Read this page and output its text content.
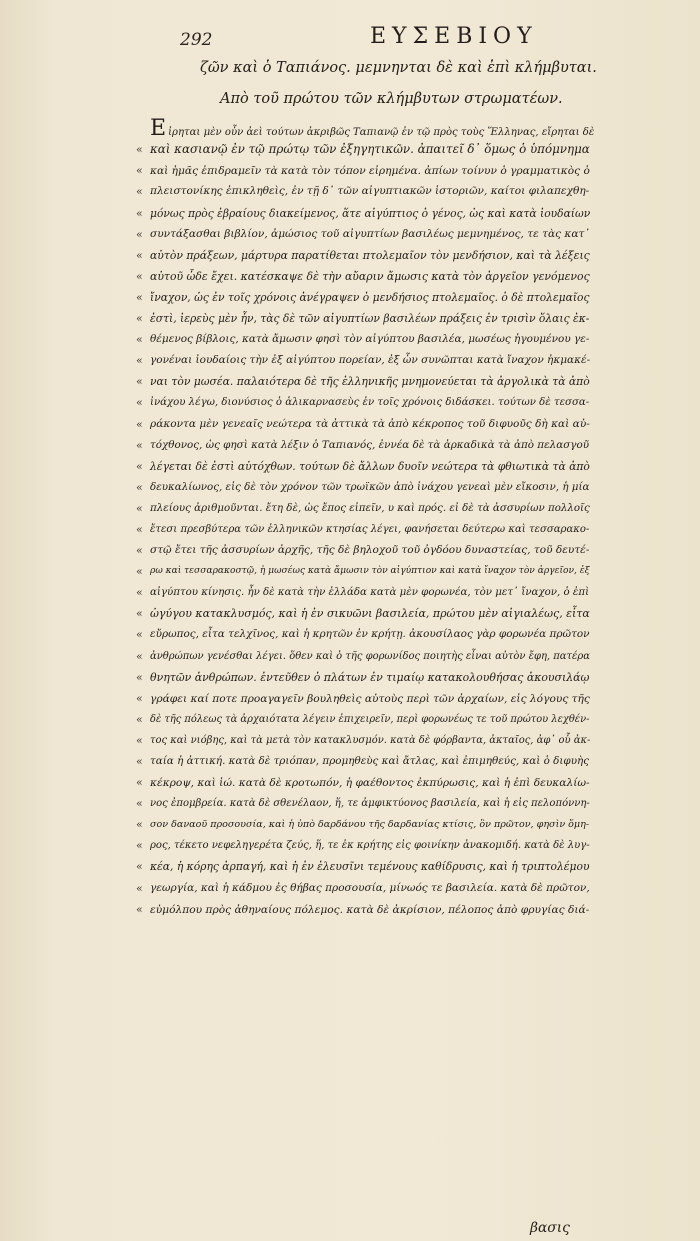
292	ΕΥΣΕΒΙΟΥ
ζῶν καὶ ὁ Ταπιάνος. μεμνηνται δὲ καὶ ἐπὶ κλήμβυται.
Απὸ τοῦ πρώτου τῶν κλήμβυτων στρωματέων.
Εἰρηται μὲν οὖν ἀεὶ τούτων ἀκριβῶς Ταπιανῷ ἐν τῷ πρὸς τοὺς Ἕλληνας, εἴρηται δὲ
« καὶ κασιανῷ ἐν τῷ πρώτῳ τῶν ἐξηγητικῶν. ἀπαιτεῖ δ᾽ ὅμως ὁ ὑπόμνημα
« καὶ ἡμᾶς ἐπιδραμεῖν τὰ κατὰ τὸν τόπον εἰρημένα. ἀπίων τοίνυν ὁ γραμματικὸς ὁ
« πλειστονίκης ἐπικληθεὶς, ἐν τῇ δ᾽ τῶν αἰγυπτιακῶν ἱστοριῶν, καίτοι φιλαπεχθη-
« μόνως πρὸς ἑβραίους διακείμενος, ἅτε αἰγύπτιος ὁ γένος, ὡς καὶ κατὰ ἰουδαίων
« συντάξασθαι βιβλίον, ἀμώσιος τοῦ αἰγυπτίων βασιλέως μεμνημένος, τε τὰς κατ᾽
« αὐτὸν πράξεων, μάρτυρα παρατίθεται πτολεμαῖον τὸν μενδήσιον, καὶ τὰ λέξεις
« αὐτοῦ ὧδε ἔχει. κατέσκαψε δὲ τὴν αὔαριν ἄμωσις κατὰ τὸν ἀργεῖον γενόμενος
« ἴναχον, ὡς ἐν τοῖς χρόνοις ἀνέγραψεν ὁ μενδήσιος πτολεμαῖος. ὁ δὲ πτολεμαῖος
« ἐστὶ, ἱερεὺς μὲν ἦν, τὰς δὲ τῶν αἰγυπτίων βασιλέων πράξεις ἐν τρισὶν ὅλαις ἐκ-
« θέμενος βίβλοις, κατὰ ἄμωσιν φησὶ τὸν αἰγύπτου βασιλέα, μωσέως ἡγουμένου γε-
« γονέναι ἰουδαίοις τὴν ἐξ αἰγύπτου πορείαν, ἐξ ὧν συνῶπται κατὰ ἴναχον ἠκμακέ-
« ναι τὸν μωσέα. παλαιότερα δὲ τῆς ἑλληνικῆς μνημονεύεται τὰ ἀργολικὰ τὰ ἀπὸ
« ἰνάχου λέγω, διονύσιος ὁ ἁλικαρνασεὺς ἐν τοῖς χρόνοις διδάσκει. τούτων δὲ τεσσα-
« ράκοντα μὲν γενεαῖς νεώτερα τὰ ἀττικὰ τὰ ἀπὸ κέκροπος τοῦ διφυοῦς δὴ καὶ αὐ-
« τόχθονος, ὡς φησὶ κατὰ λέξιν ὁ Ταπιανός, ἐννέα δὲ τὰ ἀρκαδικὰ τὰ ἀπὸ πελασγοῦ
« λέγεται δὲ ἐστὶ αὐτόχθων. τούτων δὲ ἄλλων δυοῖν νεώτερα τὰ φθιωτικὰ τὰ ἀπὸ
« δευκαλίωνος, εἰς δὲ τὸν χρόνον τῶν τρωϊκῶν ἀπὸ ἰνάχου γενεαὶ μὲν εἴκοσιν, ἡ μία
« πλείους ἀριθμοῦνται. ἔτη δὲ, ὡς ἔπος εἰπεῖν, υ καὶ πρός. εἰ δὲ τὰ ἀσσυρίων πολλοῖς
« ἔτεσι πρεσβύτερα τῶν ἑλληνικῶν κτησίας λέγει, φανήσεται δεύτερω καὶ τεσσαρακο-
« στῷ ἔτει τῆς ἀσσυρίων ἀρχῆς, τῆς δὲ βηλοχοῦ τοῦ ὀγδόου δυναστείας, τοῦ δευτέ-
« ρω καὶ τεσσαρακοστῷ, ἡ μωσέως κατὰ ἄμωσιν τὸν αἰγύπτιον καὶ κατὰ ἴναχον τὸν ἀργεῖον, ἐξ
« αἰγύπτου κίνησις. ἦν δὲ κατὰ τὴν ἑλλάδα κατὰ μὲν φορωνέα, τὸν μετ᾽ ἴναχον, ὁ ἐπὶ
« ὠγύγου κατακλυσμός, καὶ ἡ ἐν σικυῶνι βασιλεία, πρώτου μὲν αἰγιαλέως, εἶτα
« εὔρωπος, εἶτα τελχῖνος, καὶ ἡ κρητῶν ἐν κρήτῃ. ἀκουσίλαος γὰρ φορωνέα πρῶτον
« ἀνθρώπων γενέσθαι λέγει. ὅθεν καὶ ὁ τῆς φορωνίδος ποιητὴς εἶναι αὐτὸν ἔφη, πατέρα
« θνητῶν ἀνθρώπων. ἐντεῦθεν ὁ πλάτων ἐν τιμαίῳ κατακολουθήσας ἀκουσιλάῳ
« γράφει καί ποτε προαγαγεῖν βουληθεὶς αὐτοὺς περὶ τῶν ἀρχαίων, εἰς λόγους τῆς
« δὲ τῆς πόλεως τὰ ἀρχαιότατα λέγειν ἐπιχειρεῖν, περὶ φορωνέως τε τοῦ πρώτου λεχθέν-
« τος καὶ νιόβης, καὶ τὰ μετὰ τὸν κατακλυσμόν. κατὰ δὲ φόρβαντα, ἀκταῖος, ἀφ᾽ οὗ ἀκ-
« ταία ἡ ἀττική. κατὰ δὲ τριόπαν, προμηθεὺς καὶ ἄτλας, καὶ ἐπιμηθεύς, καὶ ὁ διφυὴς
« κέκροψ, καὶ ἰώ. κατὰ δὲ κροτωπόν, ἡ φαέθοντος ἐκπύρωσις, καὶ ἡ ἐπὶ δευκαλίω-
« νος ἐπομβρεία. κατὰ δὲ σθενέλαον, ἥ, τε ἀμφικτύονος βασιλεία, καὶ ἡ εἰς πελοπόννη-
« σον δαναοῦ προσουσία, καὶ ἡ ὑπὸ δαρδάνου τῆς δαρδανίας κτίσις, ὃν πρῶτον, φησὶν ὅμη-
« ρος, τέκετο νεφεληγερέτα ζεύς, ἥ, τε ἐκ κρήτης εἰς φοινίκην ἀνακομιδή. κατὰ δὲ λυγ-
« κέα, ἡ κόρης ἁρπαγή, καὶ ἡ ἐν ἐλευσῖνι τεμένους καθίδρυσις, καὶ ἡ τριπτολέμου
« γεωργία, καὶ ἡ κάδμου ἐς θήβας προσουσία, μίνωός τε βασιλεία. κατὰ δὲ πρῶτον,
« εὐμόλπου πρὸς ἀθηναίους πόλεμος. κατὰ δὲ ἀκρίσιον, πέλοπος ἀπὸ φρυγίας διά-
βασις
